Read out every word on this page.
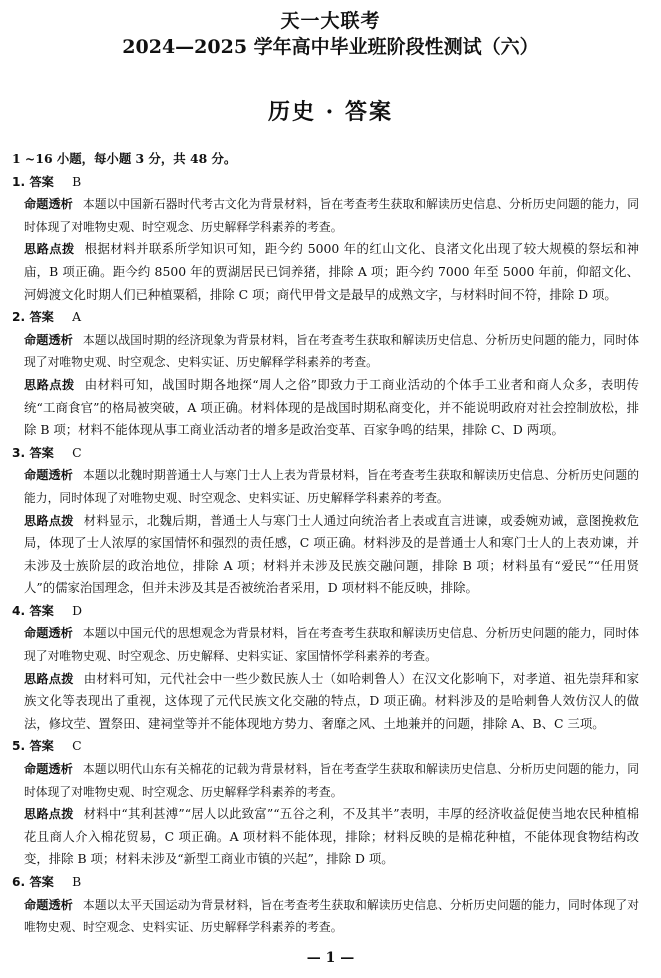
天一大联考
2024—2025 学年高中毕业班阶段性测试（六）
历史 · 答案

1 ~16 小题，每小题 3 分，共 48 分。

1. 答案 B

命题透析 本题以中国新石器时代考古文化为背景材料，旨在考查考生获取和解读历史信息、分析历史问题的能力，同时体现了对唯物史观、时空观念、历史解释学科素养的考查。

思路点拨 根据材料并联系所学知识可知，距今约 5000 年的红山文化、良渚文化出现了较大规模的祭坛和神庙，B 项正确。距今约 8500 年的贾湖居民已饲养猪，排除 A 项；距今约 7000 年至 5000 年前，仰韶文化、河姆渡文化时期人们已种植粟稻，排除 C 项；商代甲骨文是最早的成熟文字，与材料时间不符，排除 D 项。

2. 答案 A

命题透析 本题以战国时期的经济现象为背景材料，旨在考查考生获取和解读历史信息、分析历史问题的能力，同时体现了对唯物史观、时空观念、史料实证、历史解释学科素养的考查。

思路点拨 由材料可知，战国时期各地探“周人之俗”即致力于工商业活动的个体手工业者和商人众多，表明传统“工商食官”的格局被突破，A 项正确。材料体现的是战国时期私商变化，并不能说明政府对社会控制放松，排除 B 项；材料不能体现从事工商业活动者的增多是政治变革、百家争鸣的结果，排除 C、D 两项。

3. 答案 C

命题透析 本题以北魏时期普通士人与寒门士人上表为背景材料，旨在考查考生获取和解读历史信息、分析历史问题的能力，同时体现了对唯物史观、时空观念、史料实证、历史解释学科素养的考查。

思路点拨 材料显示，北魏后期，普通士人与寒门士人通过向统治者上表或直言进谏，或委婉劝诫，意图挽救危局，体现了士人浓厚的家国情怀和强烈的责任感，C 项正确。材料涉及的是普通士人和寒门士人的上表劝谏，并未涉及士族阶层的政治地位，排除 A 项；材料并未涉及民族交融问题，排除 B 项；材料虽有“爱民”“任用贤人”的儒家治国理念，但并未涉及其是否被统治者采用，D 项材料不能反映，排除。

4. 答案 D

命题透析 本题以中国元代的思想观念为背景材料，旨在考查考生获取和解读历史信息、分析历史问题的能力，同时体现了对唯物史观、时空观念、历史解释、史料实证、家国情怀学科素养的考查。

思路点拨 由材料可知，元代社会中一些少数民族人士（如哈剌鲁人）在汉文化影响下，对孝道、祖先崇拜和家族文化等表现出了重视，这体现了元代民族文化交融的特点，D 项正确。材料涉及的是哈剌鲁人效仿汉人的做法，修坟茔、置祭田、建祠堂等并不能体现地方势力、奢靡之风、土地兼并的问题，排除 A、B、C 三项。

5. 答案 C

命题透析 本题以明代山东有关棉花的记载为背景材料，旨在考查学生获取和解读历史信息、分析历史问题的能力，同时体现了对唯物史观、时空观念、历史解释学科素养的考查。

思路点拨 材料中“其利甚溥”“居人以此致富”“五谷之利，不及其半”表明，丰厚的经济收益促使当地农民种植棉花且商人介入棉花贸易，C 项正确。A 项材料不能体现，排除；材料反映的是棉花种植，不能体现食物结构改变，排除 B 项；材料未涉及“新型工商业市镇的兴起”，排除 D 项。

6. 答案 B

命题透析 本题以太平天国运动为背景材料，旨在考查考生获取和解读历史信息、分析历史问题的能力，同时体现了对唯物史观、时空观念、史料实证、历史解释学科素养的考查。

— 1 —
